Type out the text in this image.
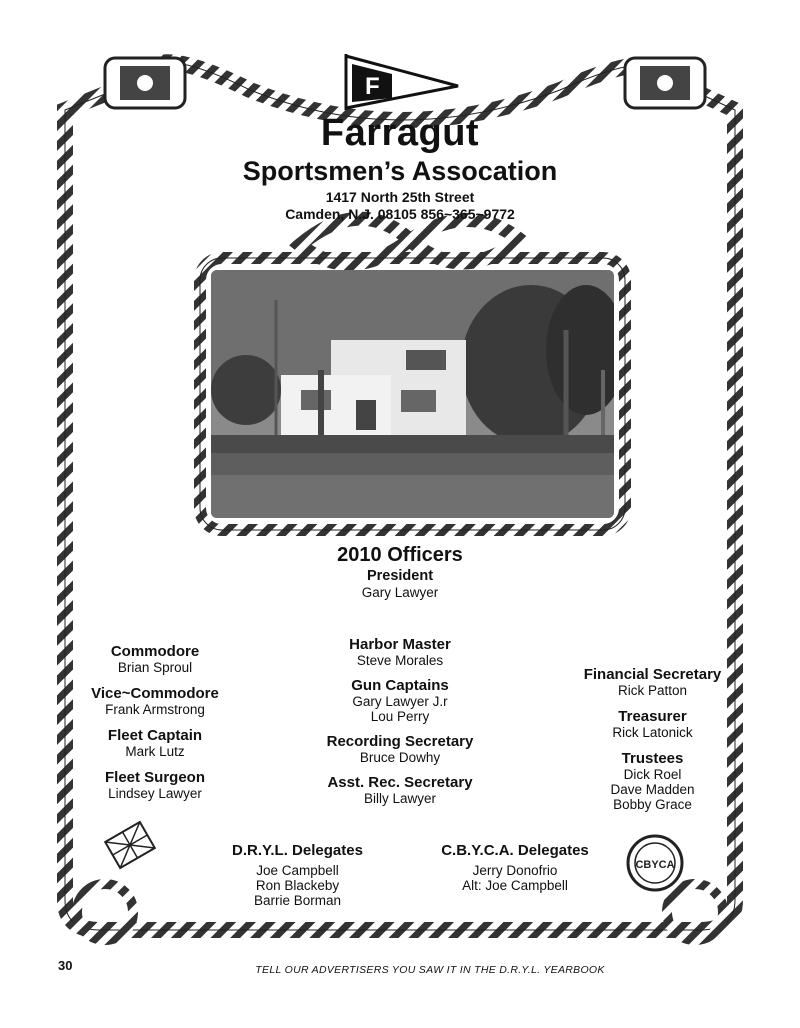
F
Farragut
Sportsmen’s Assocation
1417 North 25th Street
Camden, N.J. 08105 856~365~9772
2010 Officers
President
Gary Lawyer
Commodore
Brian Sproul
Vice~Commodore
Frank Armstrong
Fleet Captain
Mark Lutz
Fleet Surgeon
Lindsey Lawyer
Harbor Master
Steve Morales
Gun Captains
Gary Lawyer J.r
Lou Perry
Recording Secretary
Bruce Dowhy
Asst. Rec. Secretary
Billy Lawyer
Financial Secretary
Rick Patton
Treasurer
Rick Latonick
Trustees
Dick Roel
Dave Madden
Bobby Grace
D.R.Y.L. Delegates
Joe Campbell
Ron Blackeby
Barrie Borman
C.B.Y.C.A. Delegates
Jerry Donofrio
Alt: Joe Campbell
CBYCA
30	TELL OUR ADVERTISERS YOU SAW IT IN THE D.R.Y.L. YEARBOOK
